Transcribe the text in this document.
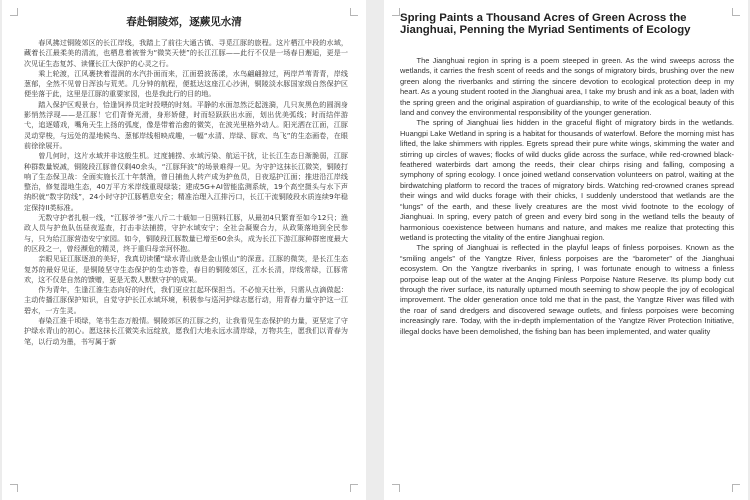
春赴铜陵郊，逐蕨见水清

春风拂过铜陵郊区的长江岸线，我踏上了前往大通古镇、寻觅江豚的旅程。这片栖江中段的水域，藏着长江最柔美的清流，也栖息着被誉为“微笑天使”的长江江豚——此行不仅是一场春日邂逅，更是一次见证生态复苏、读懂长江大保护的心灵之行。

乘上轮渡，江风裹挟着湿润的水汽扑面而来，江面碧波荡漾，水鸟翩翩掠过，两岸芦苇青青，岸线葱郁，全然不见曾日浑浊与荒芜。几分钟的航程，便抵达这座江心沙洲，铜陵淡水豚国家级自然保护区便坐落于此，这里是江豚的重要家园，也是我此行的目的地。

踏入保护区观景台，恰逢饲养员定时投喂的时刻。平静的水面忽然泛起涟漪，几只灰黑色的圆润身影悄然浮现——是江豚！它们背脊光滑，身形娇健，时而轻跃跃出水面，划出优美弧线；时而结伴游弋，追逐嬉戏，嘴角天生上扬的弧度，像是带着治愈的微笑，在波光里格外动人。阳光洒在江面，江豚灵动穿梭，与远处的湿地候鸟、葱郁岸线相映成趣，一幅“水清、岸绿、豚欢、鸟飞”的生态画卷，在眼前徐徐展开。

曾几何时，这片水域并非这般生机。过度捕捞、水域污染、航运干扰，让长江生态日渐脆弱，江豚种群数量锐减，铜陵段江豚曾仅剩40余头，“江豚拜波”的场景难得一见。为守护这抹长江微笑，铜陵打响了生态保卫战：全面实施长江十年禁渔，曾日捕鱼人转产成为护鱼员，日夜巡护江面；推进沿江岸线整治，修复湿地生态，40万平方米岸线重现绿装；建成5G+AI智能监测系统，19个高空摄头与水下声纳织就“数字防线”，24小时守护江豚栖息安全；精准治理入江排污口，长江干流铜陵段水质连续9年稳定保持II类标准。

无数守护者扎根一线，“江豚爷爷”张八斤二十载如一日照料江豚，从最初4只繁育至如今12只；渔政人员与护鱼队伍昼夜巡查，打击非法捕捞，守护水域安宁；全社会凝聚合力，从政策落地到全民参与，只为给江豚营造安宁家园。如今，铜陵段江豚数量已增至60余头，成为长江下游江豚种群密度最大的区段之一，曾经濒危的精灵，终于重归母亲河怀抱。

亲眼见证江豚逐浪的美好，我真切读懂“绿水青山就是金山银山”的深意。江豚的微笑，是长江生态复苏的最好见证，是铜陵坚守生态保护的生动答卷，春目的铜陵郊区，江水长清，岸线常绿，江豚常欢，这不仅是自然的馈赠，更是无数人默默守护的成果。

作为青年，生逢江淮生态向好的时代，我们更应扛起环保担当。不必惊天壮举，只需从点滴做起：主动传播江豚保护知识，自觉守护长江水域环境，积极参与巡河护绿志愿行动，用青春力量守护这一江碧水，一方生灵。

春染江淮千顷绿，笔书生态万般情。铜陵郊区的江豚之约，让我看见生态保护的力量，更坚定了守护绿水青山的初心。愿这抹长江微笑永远绽放，愿我们大地永远水清岸绿，万物共生，愿我们以青春为笔，以行动为墨，书写属于新

Spring Paints a Thousand Acres of Green Across the Jianghuai, Penning the Myriad Sentiments of Ecology

The Jianghuai region in spring is a poem steeped in green. As the wind sweeps across the wetlands, it carries the fresh scent of reeds and the songs of migratory birds, brushing over the new green along the riverbanks and stirring the sincere devotion to ecological protection deep in my heart. As a young student rooted in the Jianghuai area, I take my brush and ink as a boat, laden with the spring green and the original aspiration of guardianship, to write of the ecological beauty of this land and convey the environmental responsibility of the younger generation.

The spring of Jianghuai lies hidden in the graceful flight of migratory birds in the wetlands. Huangpi Lake Wetland in spring is a habitat for thousands of waterfowl. Before the morning mist has lifted, the lake shimmers with ripples. Egrets spread their pure white wings, skimming the water and stirring up circles of waves; flocks of wild ducks glide across the surface, while red-crowned black-feathered waterbirds dart among the reeds, their clear chirps rising and falling, composing a symphony of spring ecology. I once joined wetland conservation volunteers on patrol, waiting at the birdwatching platform to record the traces of migratory birds. Watching red-crowned cranes spread their wings and wild ducks forage with their chicks, I suddenly understood that wetlands are the “lungs” of the earth, and these lively creatures are the most vivid footnote to the ecology of Jianghuai. In spring, every patch of green and every bird song in the wetland tells the beauty of harmonious coexistence between humans and nature, and makes me realize that protecting this wetland is protecting the vitality of the entire Jianghuai region.

The spring of Jianghuai is reflected in the playful leaps of finless porpoises. Known as the “smiling angels” of the Yangtze River, finless porpoises are the “barometer” of the Jianghuai ecosystem. On the Yangtze riverbanks in spring, I was fortunate enough to witness a finless porpoise leap out of the water at the Anqing Finless Porpoise Nature Reserve. Its plump body cut through the river surface, its naturally upturned mouth seeming to show people the joy of ecological improvement. The older generation once told me that in the past, the Yangtze River was filled with the roar of sand dredgers and discovered sewage outlets, and finless porpoises were becoming increasingly rare. Today, with the in-depth implementation of the Yangtze River Protection Initiative, illegal docks have been demolished, the fishing ban has been implemented, and water quality
